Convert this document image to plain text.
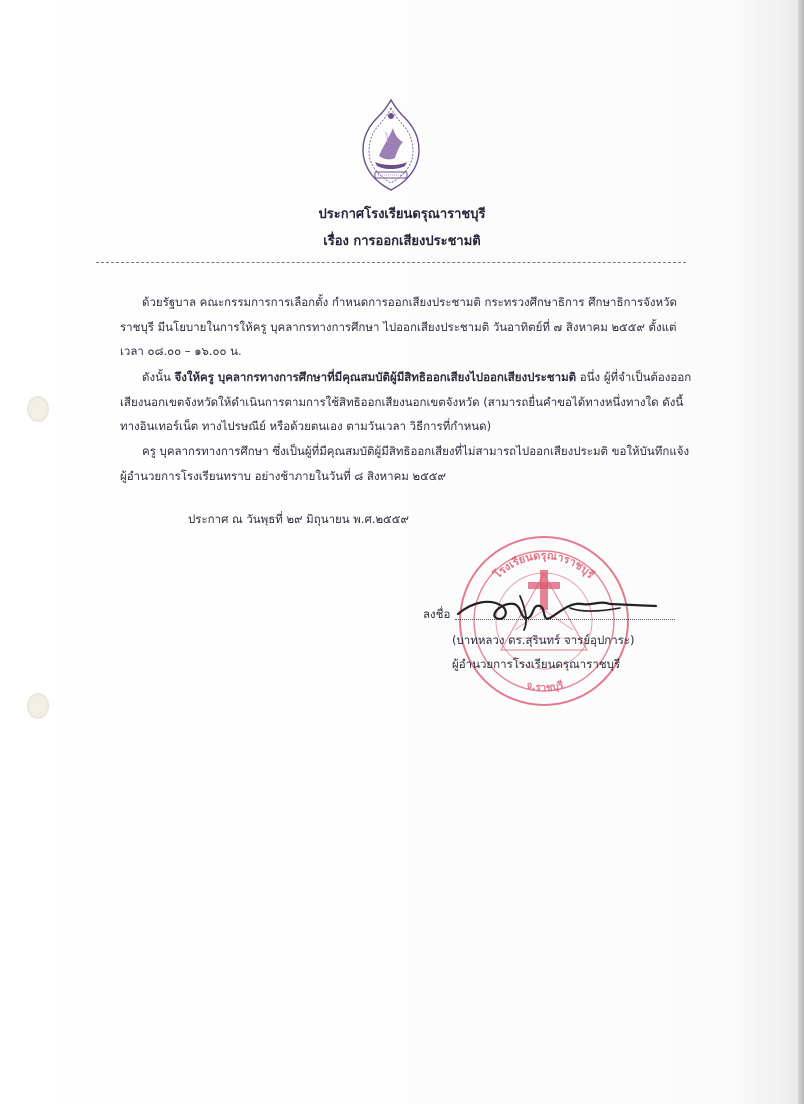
ประกาศโรงเรียนดรุณาราชบุรี
เรื่อง การออกเสียงประชามติ
ด้วยรัฐบาล คณะกรรมการการเลือกตั้ง กำหนดการออกเสียงประชามติ กระทรวงศึกษาธิการ ศึกษาธิการจังหวัดราชบุรี มีนโยบายในการให้ครู บุคลากรทางการศึกษา ไปออกเสียงประชามติ วันอาทิตย์ที่ ๗ สิงหาคม ๒๕๕๙ ตั้งแต่เวลา ๐๘.๐๐ – ๑๖.๐๐ น.
ดังนั้น จึงให้ครู บุคลากรทางการศึกษาที่มีคุณสมบัติผู้มีสิทธิออกเสียงไปออกเสียงประชามติ อนึ่ง ผู้ที่จำเป็นต้องออกเสียงนอกเขตจังหวัดให้ดำเนินการตามการใช้สิทธิออกเสียงนอกเขตจังหวัด (สามารถยื่นคำขอได้ทางหนึ่งทางใด ดังนี้ ทางอินเทอร์เน็ต ทางไปรษณีย์ หรือด้วยตนเอง ตามวันเวลา วิธีการที่กำหนด)
ครู บุคลากรทางการศึกษา ซึ่งเป็นผู้ที่มีคุณสมบัติผู้มีสิทธิออกเสียงที่ไม่สามารถไปออกเสียงประมติ ขอให้บันทึกแจ้งผู้อำนวยการโรงเรียนทราบ อย่างช้าภายในวันที่ ๘ สิงหาคม ๒๕๕๙
ประกาศ ณ วันพุธที่ ๒๙ มิถุนายน พ.ศ.๒๕๕๙
โรงเรียนดรุณาราชบุรี
จ.ราชบุรี
ลงชื่อ
(บาทหลวง ดร.สุรินทร์ จารย์อุปการะ)
ผู้อำนวยการโรงเรียนดรุณาราชบุรี
